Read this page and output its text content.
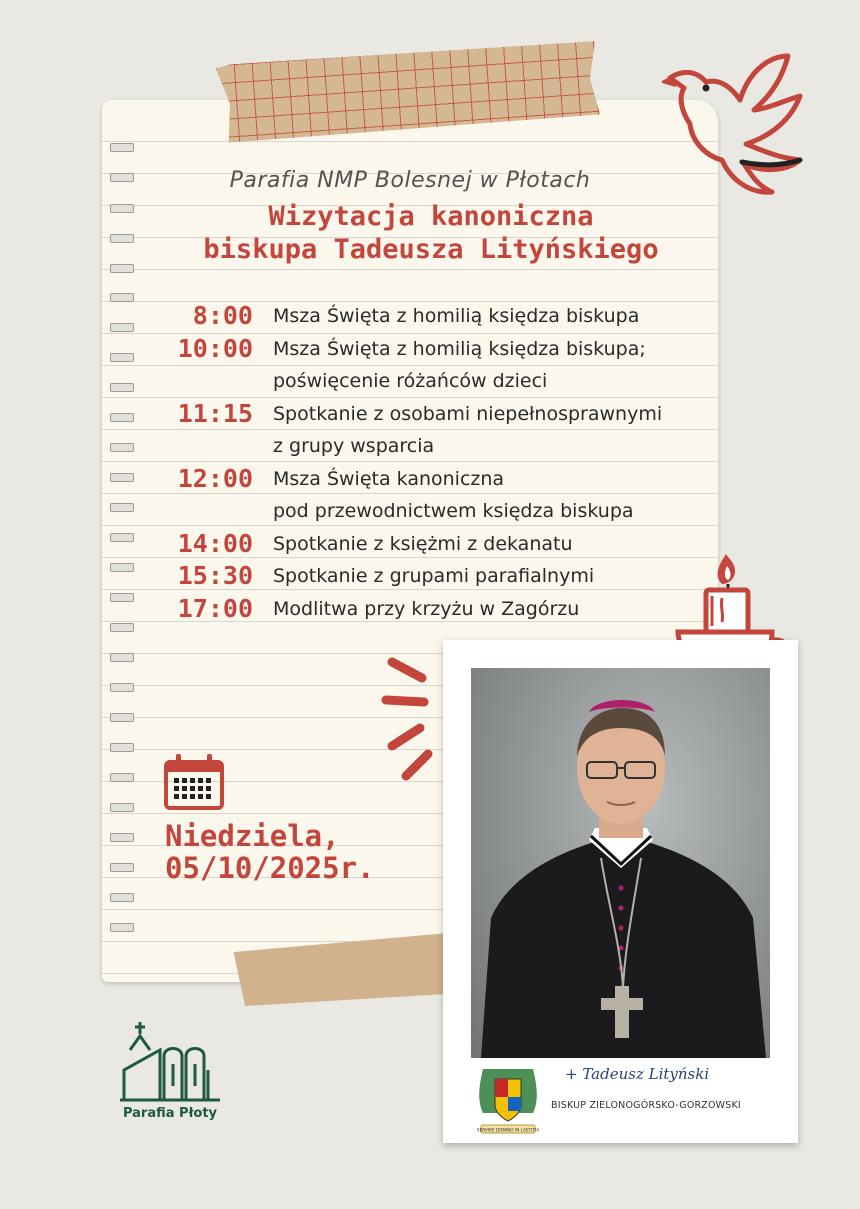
Parafia NMP Bolesnej w Płotach
Wizytacja kanoniczna
biskupa Tadeusza Lityńskiego
8:00	Msza Święta z homilią księdza biskupa
10:00	Msza Święta z homilią księdza biskupa;
poświęcenie różańców dzieci
11:15	Spotkanie z osobami niepełnosprawnymi
z grupy wsparcia
12:00	Msza Święta kanoniczna
pod przewodnictwem księdza biskupa
14:00	Spotkanie z księżmi z dekanatu
15:30	Spotkanie z grupami parafialnymi
17:00	Modlitwa przy krzyżu w Zagórzu
Niedziela,
05/10/2025r.
SERVIRE DOMINO IN LAETITIA
+ Tadeusz Lityński
BISKUP ZIELONOGÓRSKO-GORZOWSKI
Parafia Płoty
